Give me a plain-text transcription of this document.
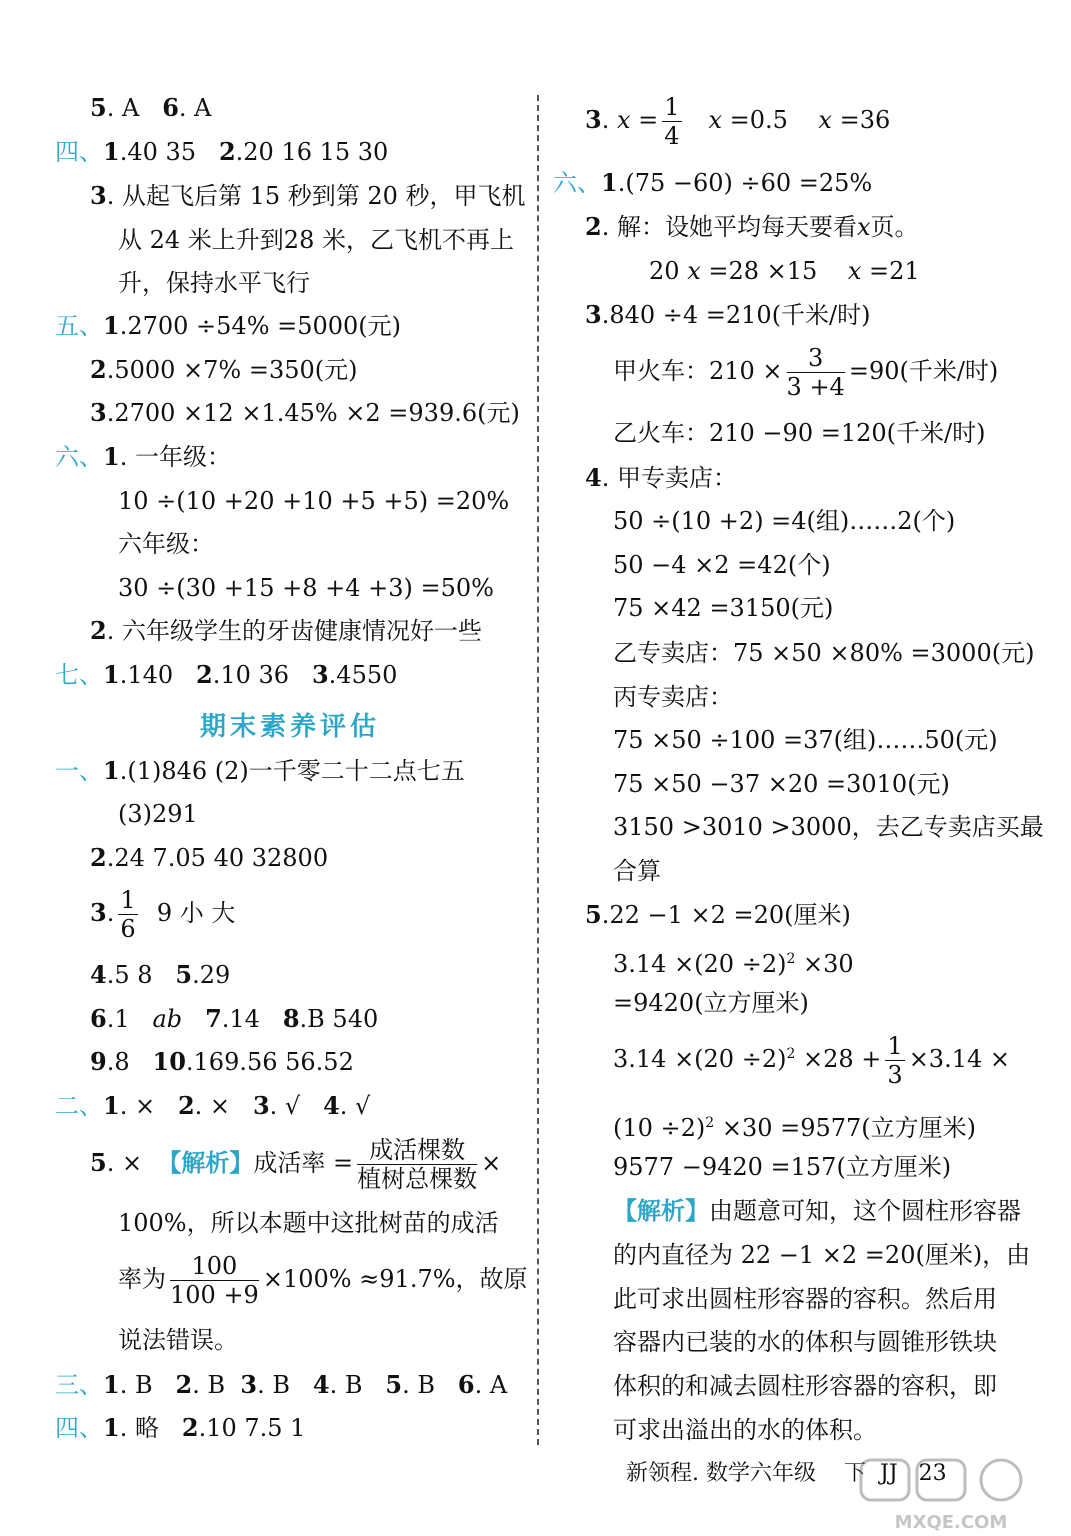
5. A 6. A
四、1.40 35 2.20 16 15 30
3. 从起飞后第 15 秒到第 20 秒，甲飞机
从 24 米上升到28 米，乙飞机不再上
升，保持水平飞行
五、1.2700 ÷54% =5000(元)
2.5000 ×7% =350(元)
3.2700 ×12 ×1.45% ×2 =939.6(元)
六、1. 一年级：
10 ÷(10 +20 +10 +5 +5) =20%
六年级：
30 ÷(30 +15 +8 +4 +3) =50%
2. 六年级学生的牙齿健康情况好一些
七、1.140 2.10 36 3.4550
期末素养评估
一、1.(1)846 (2)一千零二十二点七五
(3)291
2.24 7.05 40 32800
3. $\frac{1}{6} 9$ 小 大
4.5 8 5.29
6.1 ab 7.14 8.B 540
9.8 10.169.56 56.52
二、1. × 2. × 3. √ 4. √
5. × 【解析】成活率 = $\frac{\text{成活棵数}}{\text{植树总棵数}}$ ×
100%，所以本题中这批树苗的成活
率为 $\frac{100}{100 +9} \times 100\% \approx 91.7\%$，故原
说法错误。
三、1. B 2. B 3. B 4. B 5. B 6. A
四、1. 略 2.10 7.5 1
3. $x = \frac{1}{4}$ x =0.5 x =36
六、1.(75 −60) ÷60 =25%
2. 解：设她平均每天要看x页。
20 x =28 ×15 x =21
3.840 ÷4 =210(千米/时)
甲火车：$210 \times \frac{3}{3 +4} =90$(千米/时)
乙火车：210 −90 =120(千米/时)
4. 甲专卖店：
50 ÷(10 +2) =4(组)……2(个)
50 −4 ×2 =42(个)
75 ×42 =3150(元)
乙专卖店：75 ×50 ×80% =3000(元)
丙专卖店：
75 ×50 ÷100 =37(组)……50(元)
75 ×50 −37 ×20 =3010(元)
3150 >3010 >3000，去乙专卖店买最
合算
5.22 −1 ×2 =20(厘米)
$3.14 \times(20 \div 2)^2 \times 30$
=9420(立方厘米)
$3.14 \times(20 \div 2)^2 \times 28 + \frac{1}{3} \times 3.14$ ×
$(10 \div 2)^2 \times 30 =9577$(立方厘米)
9577 −9420 =157(立方厘米)
【解析】由题意可知，这个圆柱形容器
的内直径为 22 −1 ×2 =20(厘米)，由
此可求出圆柱形容器的容积。然后用
容器内已装的水的体积与圆锥形铁块
体积的和减去圆柱形容器的容积，即
可求出溢出的水的体积。
新领程. 数学六年级 下 JJ 23
MXQE.COM
